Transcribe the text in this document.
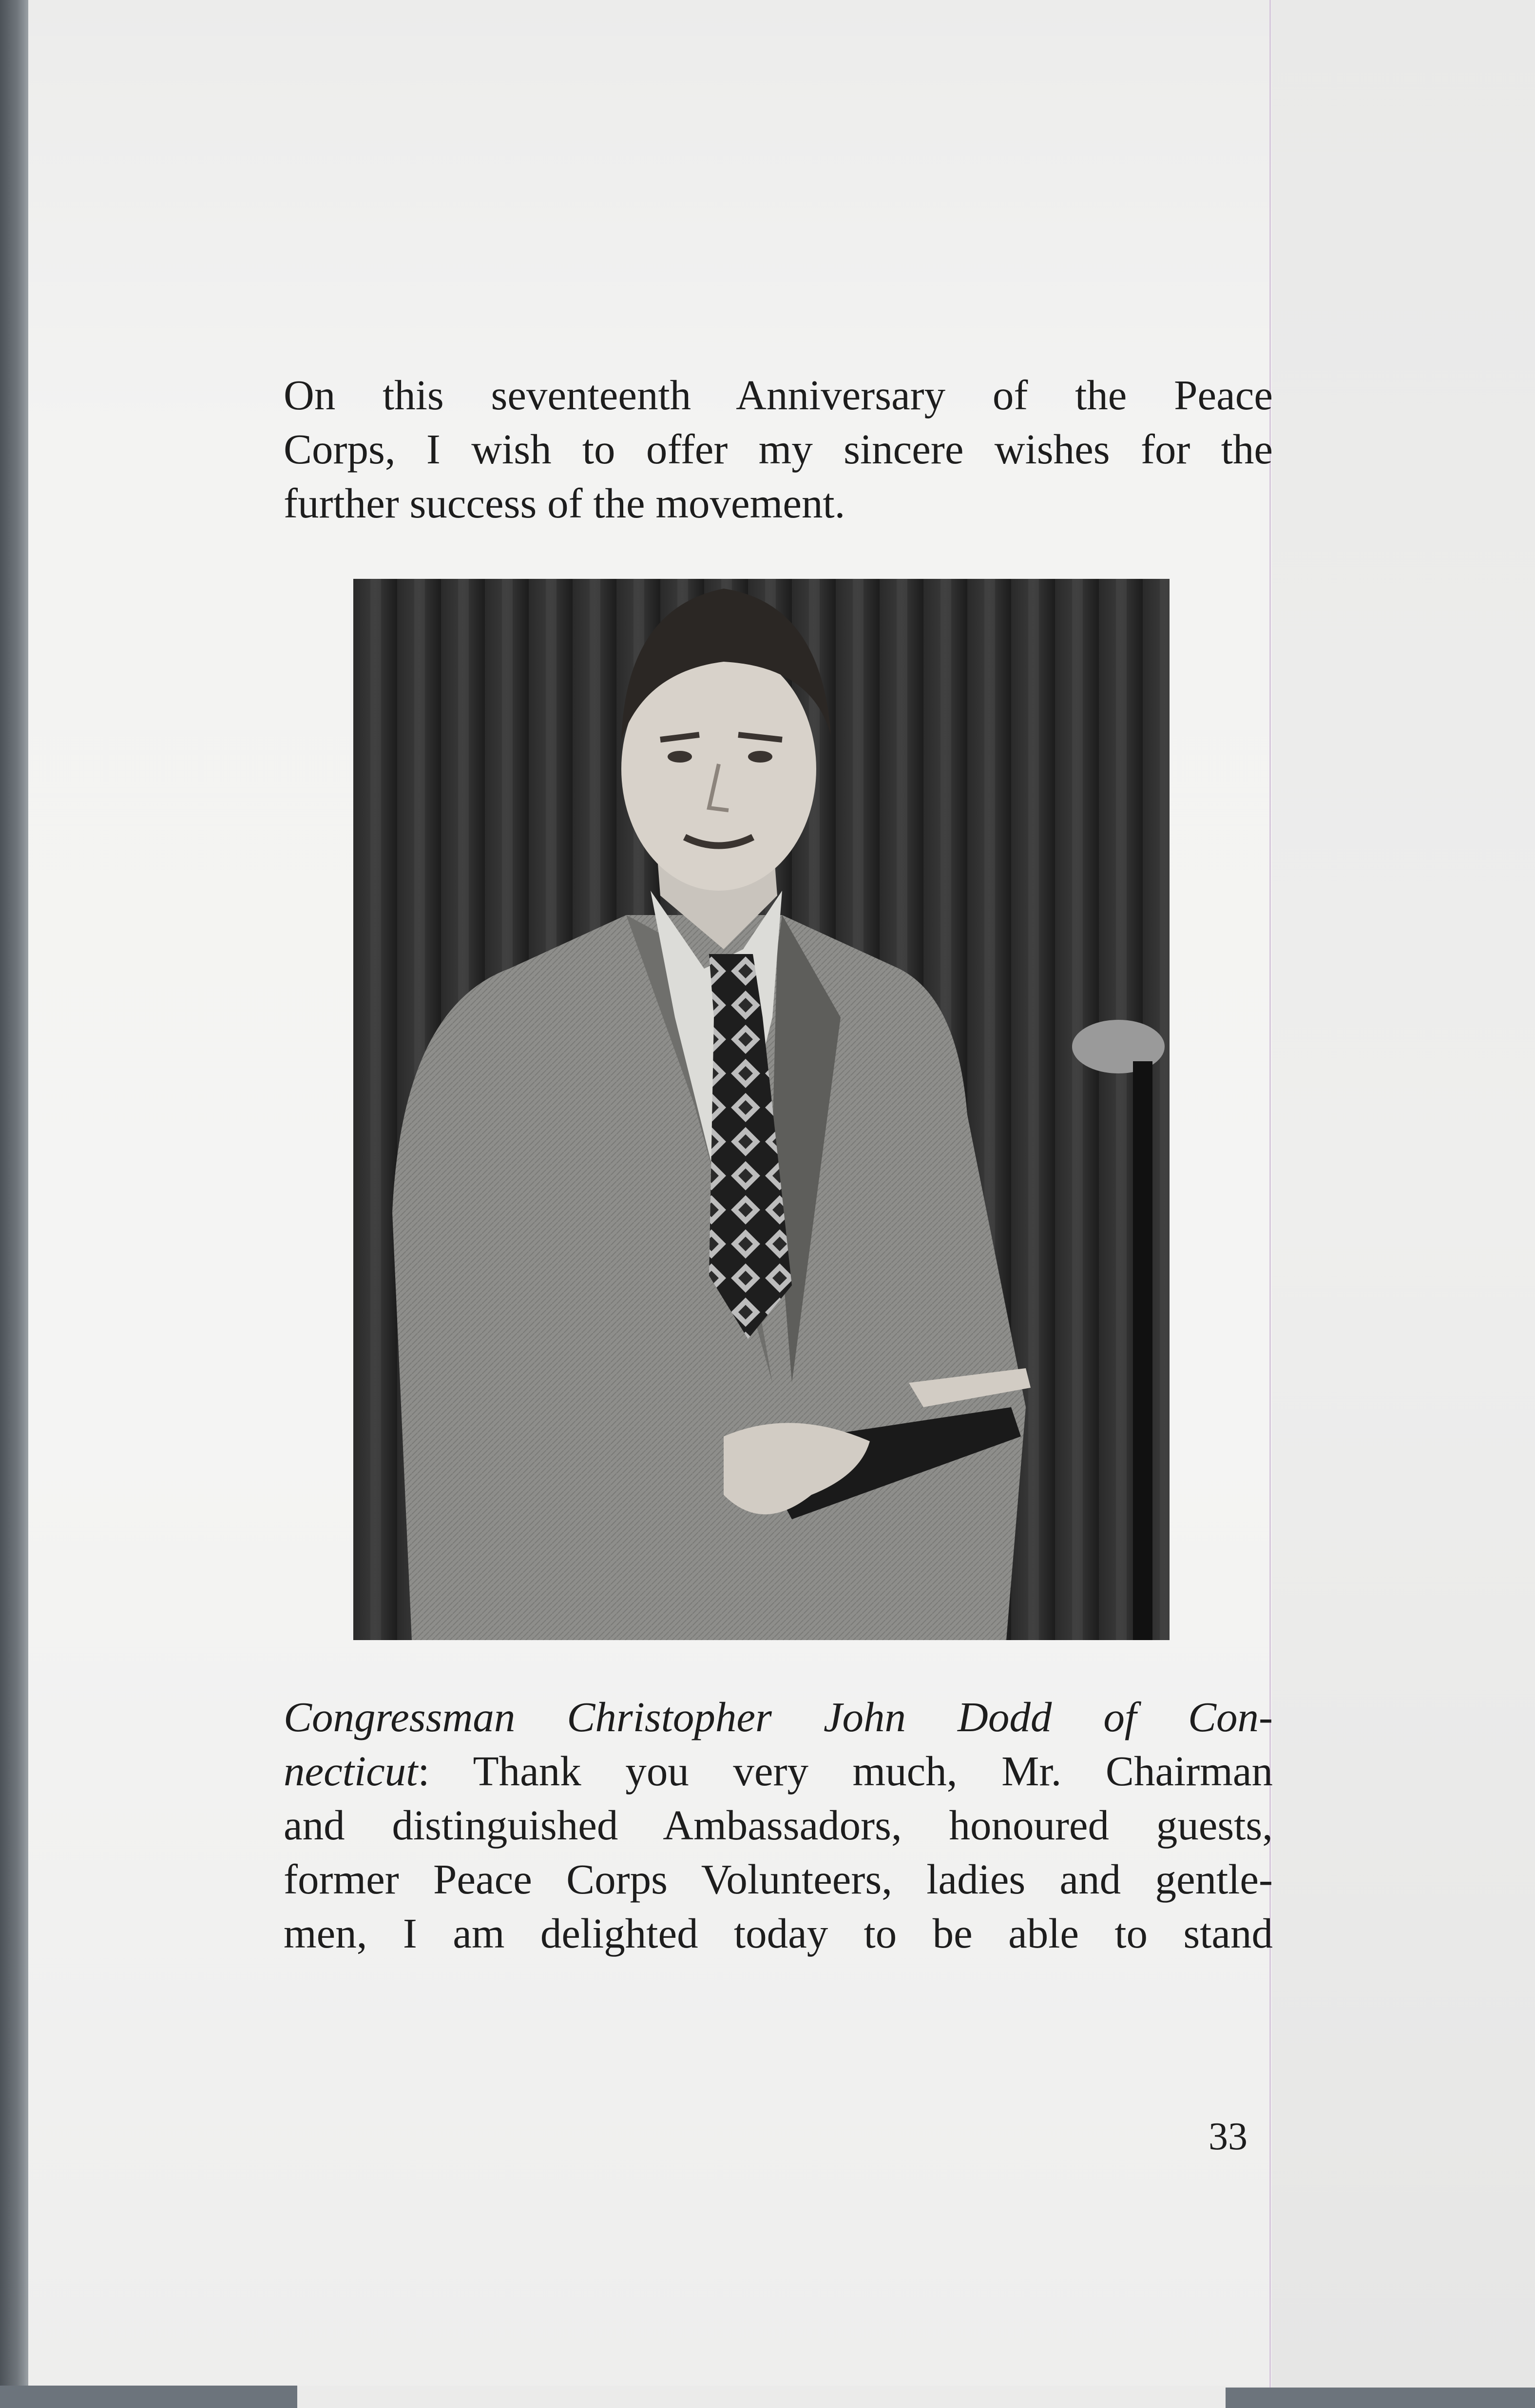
On this seventeenth Anniversary of the Peace
Corps, I wish to offer my sincere wishes for the
further success of the movement.

Congressman Christopher John Dodd of Con-
necticut: Thank you very much, Mr. Chairman
and distinguished Ambassadors, honoured guests,
former Peace Corps Volunteers, ladies and gentle-
men, I am delighted today to be able to stand

33
